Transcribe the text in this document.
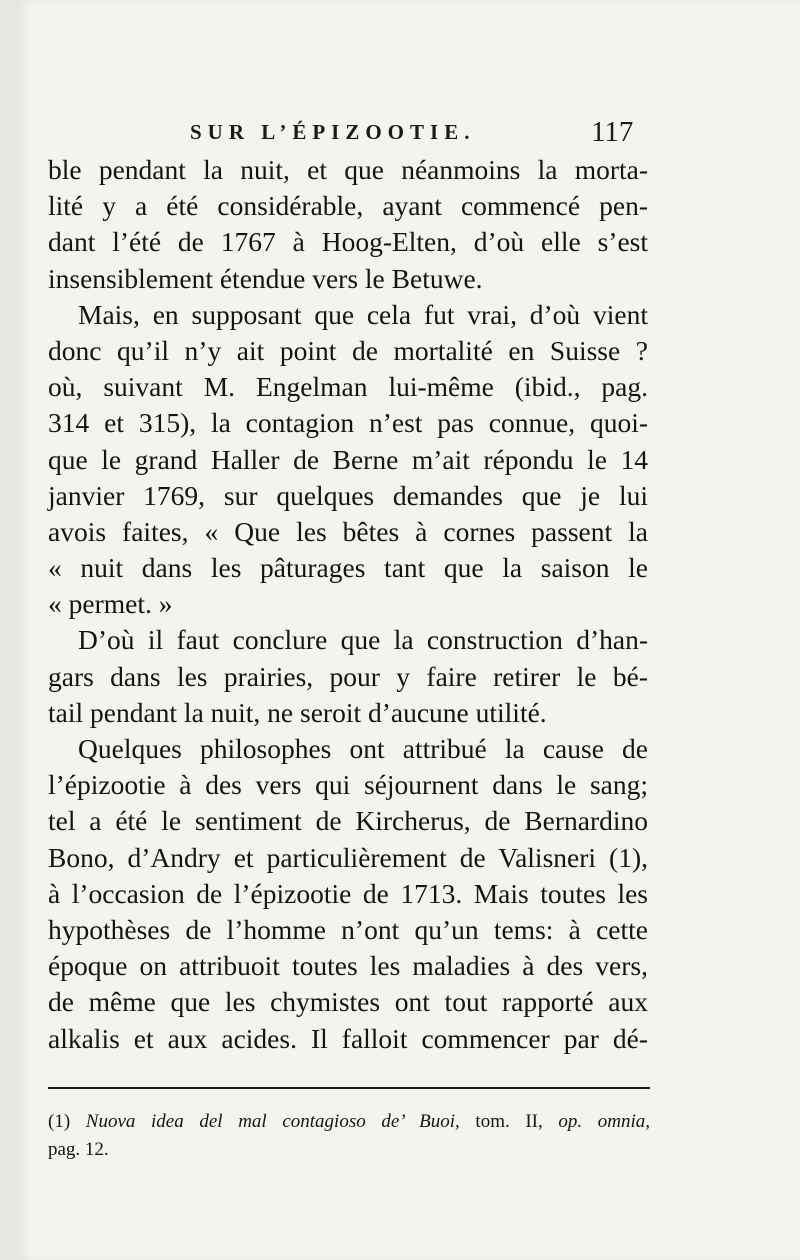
SUR L’ÉPIZOOTIE.	117
ble pendant la nuit, et que néanmoins la morta-
lité y a été considérable, ayant commencé pen-
dant l’été de 1767 à Hoog-Elten, d’où elle s’est
insensiblement étendue vers le Betuwe.
Mais, en supposant que cela fut vrai, d’où vient
donc qu’il n’y ait point de mortalité en Suisse ?
où, suivant M. Engelman lui-même (ibid., pag.
314 et 315), la contagion n’est pas connue, quoi-
que le grand Haller de Berne m’ait répondu le 14
janvier 1769, sur quelques demandes que je lui
avois faites, « Que les bêtes à cornes passent la
« nuit dans les pâturages tant que la saison le
« permet. »
D’où il faut conclure que la construction d’han-
gars dans les prairies, pour y faire retirer le bé-
tail pendant la nuit, ne seroit d’aucune utilité.
Quelques philosophes ont attribué la cause de
l’épizootie à des vers qui séjournent dans le sang;
tel a été le sentiment de Kircherus, de Bernardino
Bono, d’Andry et particulièrement de Valisneri (1),
à l’occasion de l’épizootie de 1713. Mais toutes les
hypothèses de l’homme n’ont qu’un tems: à cette
époque on attribuoit toutes les maladies à des vers,
de même que les chymistes ont tout rapporté aux
alkalis et aux acides. Il falloit commencer par dé-
(1) Nuova idea del mal contagioso de’ Buoi, tom. II, op. omnia,
pag. 12.
